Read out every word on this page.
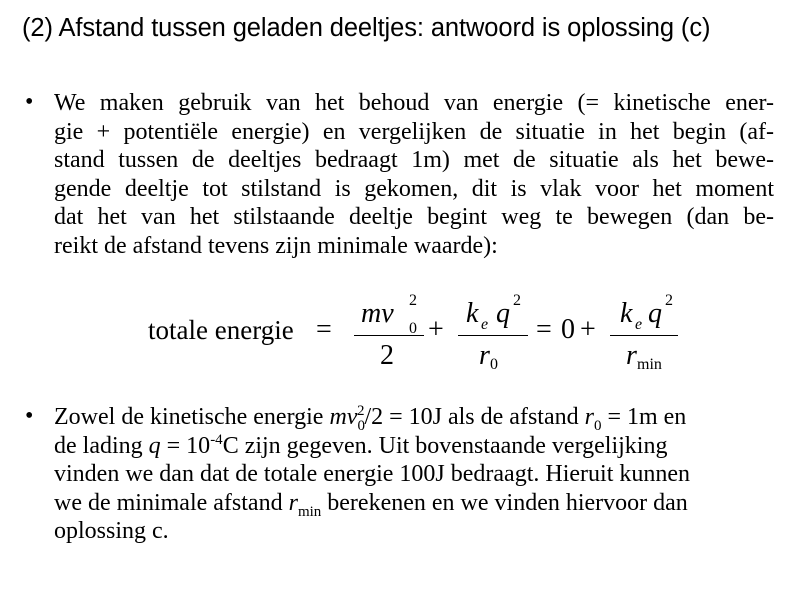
(2) Afstand tussen geladen deeltjes: antwoord is oplossing (c)
• We maken gebruik van het behoud van energie (= kinetische ener-
gie + potentiële energie) en vergelijken de situatie in het begin (af-
stand tussen de deeltjes bedraagt 1m) met de situatie als het bewe-
gende deeltje tot stilstand is gekomen, dit is vlak voor het moment
dat het van het stilstaande deeltje begint weg te bewegen (dan be-
reikt de afstand tevens zijn minimale waarde):
totale energie =
mv 0
2
2
+
k e q 2
r 0
= 0 +
k e q 2
r min
• Zowel de kinetische energie $mv_0^2/2 = 10J$ als de afstand $r_0 = 1m$ en
de lading $q = 10^{-4}C$ zijn gegeven. Uit bovenstaande vergelijking
vinden we dan dat de totale energie 100J bedraagt. Hieruit kunnen
we de minimale afstand $r_{min}$ berekenen en we vinden hiervoor dan
oplossing c.
